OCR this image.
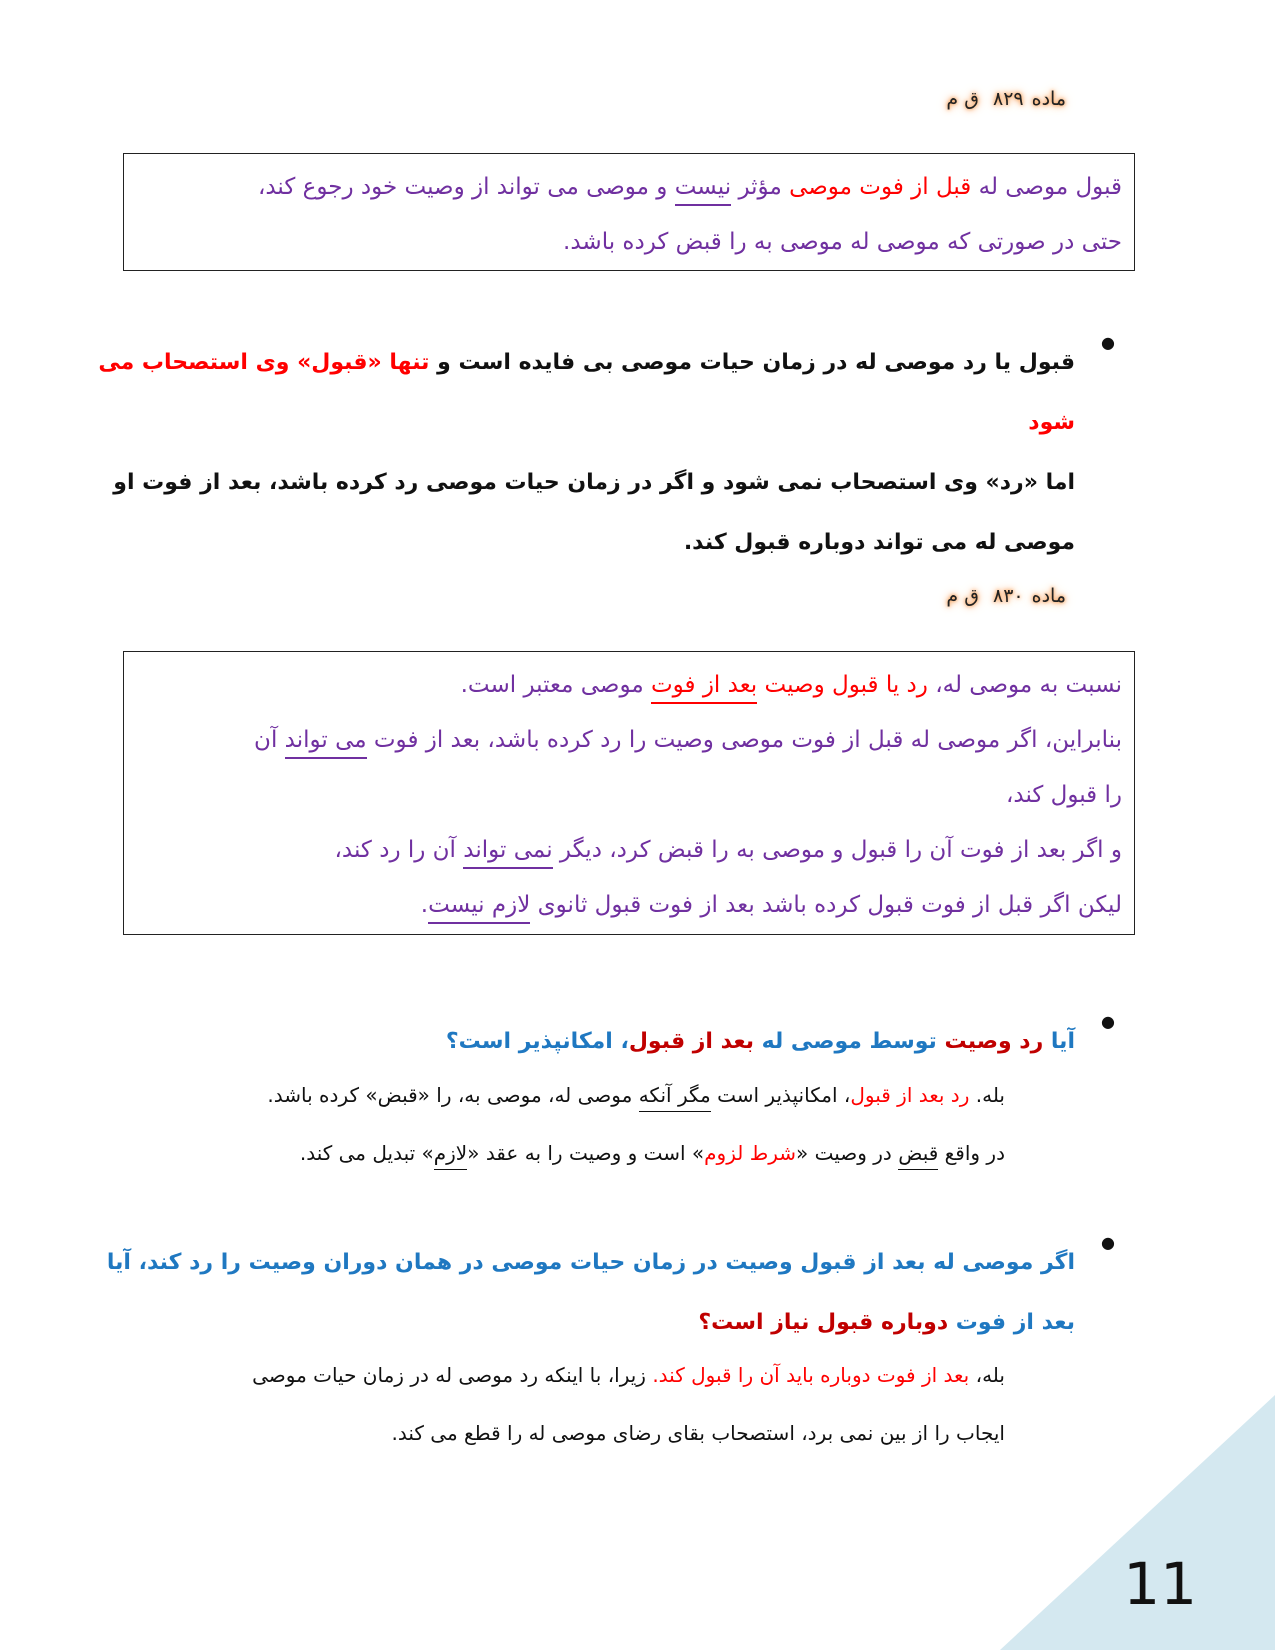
ماده۸۲۹ ق م

قبول موصی له قبل از فوت موصی مؤثر نیست و موصی می تواند از وصیت خود رجوع کند،

حتی در صورتی که موصی له موصی به را قبض کرده باشد.

● قبول یا رد موصی له در زمان حیات موصی بی فایده است و تنها «قبول» وی استصحاب می شود

اما «رد» وی استصحاب نمی شود و اگر در زمان حیات موصی رد کرده باشد، بعد از فوت او

موصی له می تواند دوباره قبول کند.

ماده۸۳۰ ق م

نسبت به موصی له، رد یا قبول وصیت بعد از فوت موصی معتبر است.

بنابراین، اگر موصی له قبل از فوت موصی وصیت را رد کرده باشد، بعد از فوت می تواند آن

را قبول کند،

و اگر بعد از فوت آن را قبول و موصی به را قبض کرد، دیگر نمی تواند آن را رد کند،

لیکن اگر قبل از فوت قبول کرده باشد بعد از فوت قبول ثانوی لازم نیست.

● آیا رد وصیت توسط موصی له بعد از قبول، امکانپذیر است؟

بله. رد بعد از قبول، امکانپذیر است مگر آنکه موصی له، موصی به، را «قبض» کرده باشد.

در واقع قبض در وصیت «شرط لزوم» است و وصیت را به عقد «لازم» تبدیل می کند.

● اگر موصی له بعد از قبول وصیت در زمان حیات موصی در همان دوران وصیت را رد کند، آیا

بعد از فوت دوباره قبول نیاز است؟

بله، بعد از فوت دوباره باید آن را قبول کند. زیرا، با اینکه رد موصی له در زمان حیات موصی

ایجاب را از بین نمی برد، استصحاب بقای رضای موصی له را قطع می کند.

11
